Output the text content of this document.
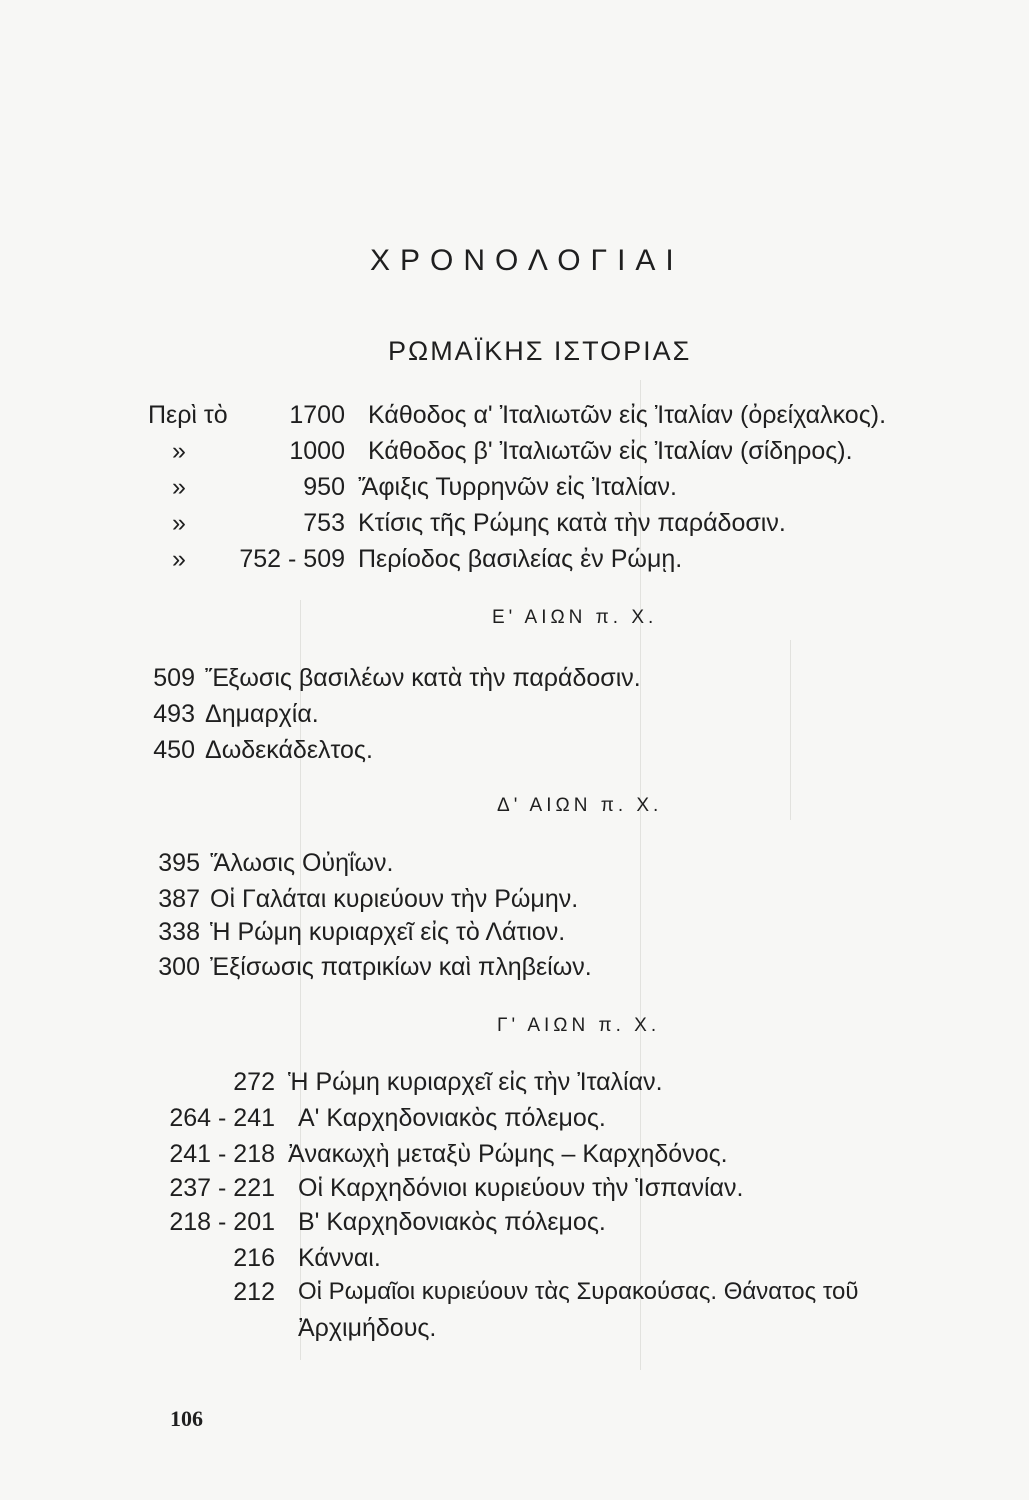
ΧΡΟΝΟΛΟΓΙΑΙ
ΡΩΜΑΪΚΗΣ ΙΣΤΟΡΙΑΣ
Περὶ τὸ	1700 Κάθοδος α' Ἰταλιωτῶν εἰς Ἰταλίαν (ὀρείχαλκος).
»	1000 Κάθοδος β' Ἰταλιωτῶν εἰς Ἰταλίαν (σίδηρος).
»	950 Ἄφιξις Τυρρηνῶν εἰς Ἰταλίαν.
»	753 Κτίσις τῆς Ρώμης κατὰ τὴν παράδοσιν.
»	752 - 509 Περίοδος βασιλείας ἐν Ρώμῃ.
Ε' ΑΙΩΝ π. Χ.
509 Ἔξωσις βασιλέων κατὰ τὴν παράδοσιν.
493 Δημαρχία.
450 Δωδεκάδελτος.
Δ' ΑΙΩΝ π. Χ.
395 Ἅλωσις Οὐηΐων.
387 Οἱ Γαλάται κυριεύουν τὴν Ρώμην.
338 Ἡ Ρώμη κυριαρχεῖ εἰς τὸ Λάτιον.
300 Ἐξίσωσις πατρικίων καὶ πληβείων.
Γ' ΑΙΩΝ π. Χ.
272 Ἡ Ρώμη κυριαρχεῖ εἰς τὴν Ἰταλίαν.
264 - 241 Α' Καρχηδονιακὸς πόλεμος.
241 - 218 Ἀνακωχὴ μεταξὺ Ρώμης – Καρχηδόνος.
237 - 221 Οἱ Καρχηδόνιοι κυριεύουν τὴν Ἱσπανίαν.
218 - 201 Β' Καρχηδονιακὸς πόλεμος.
216 Κάνναι.
212 Οἱ Ρωμαῖοι κυριεύουν τὰς Συρακούσας. Θάνατος τοῦ
Ἀρχιμήδους.
106
